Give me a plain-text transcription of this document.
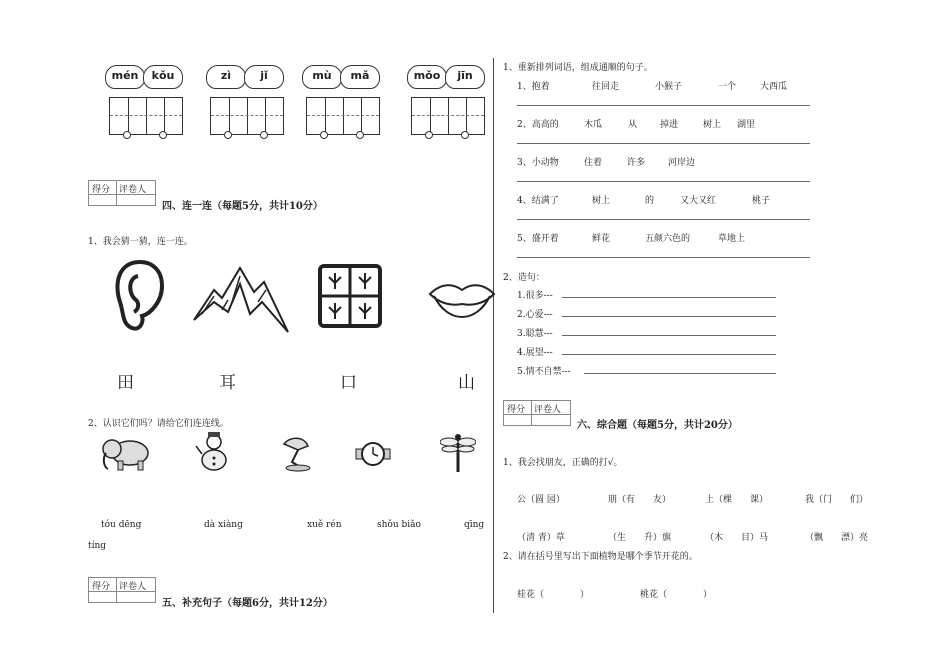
mén	kǒu	zì	jǐ	mù	mǎ	mǒo	jīn
得分 评卷人
四、连一连（每题5分，共计10分）
1、我会猜一猜，连一连。
田	耳	口	山
2、认识它们吗？请给它们连连线。
tóu dēng	dà xiàng	xuě rén	shǒu biǎo	qīng
tíng
得分 评卷人
五、补充句子（每题6分，共计12分）
1、重新排列词语，组成通顺的句子。
1、抱着	往回走	小猴子	一个	大西瓜
2、高高的	木瓜	从	掉进	树上 湖里
3、小动物	住着	许多	河岸边
4、结满了	树上	的	又大又红	桃子
5、盛开着	鲜花	五颜六色的	草地上
2、造句：
1.很多---
2.心爱---
3.聪慧---
4.展望---
5.情不自禁---
得分 评卷人
六、综合题（每题5分，共计20分）
1、我会找朋友，正确的打√。
公（圆 园）	朋（有　　友）	上（棵　　课）	我（门　　们）
（清 青）草	（生　　升）旗	（木　　目）马	（飘　　漂）亮
2、请在括号里写出下面植物是哪个季节开花的。
桂花（　　　　）	桃花（　　　　）
